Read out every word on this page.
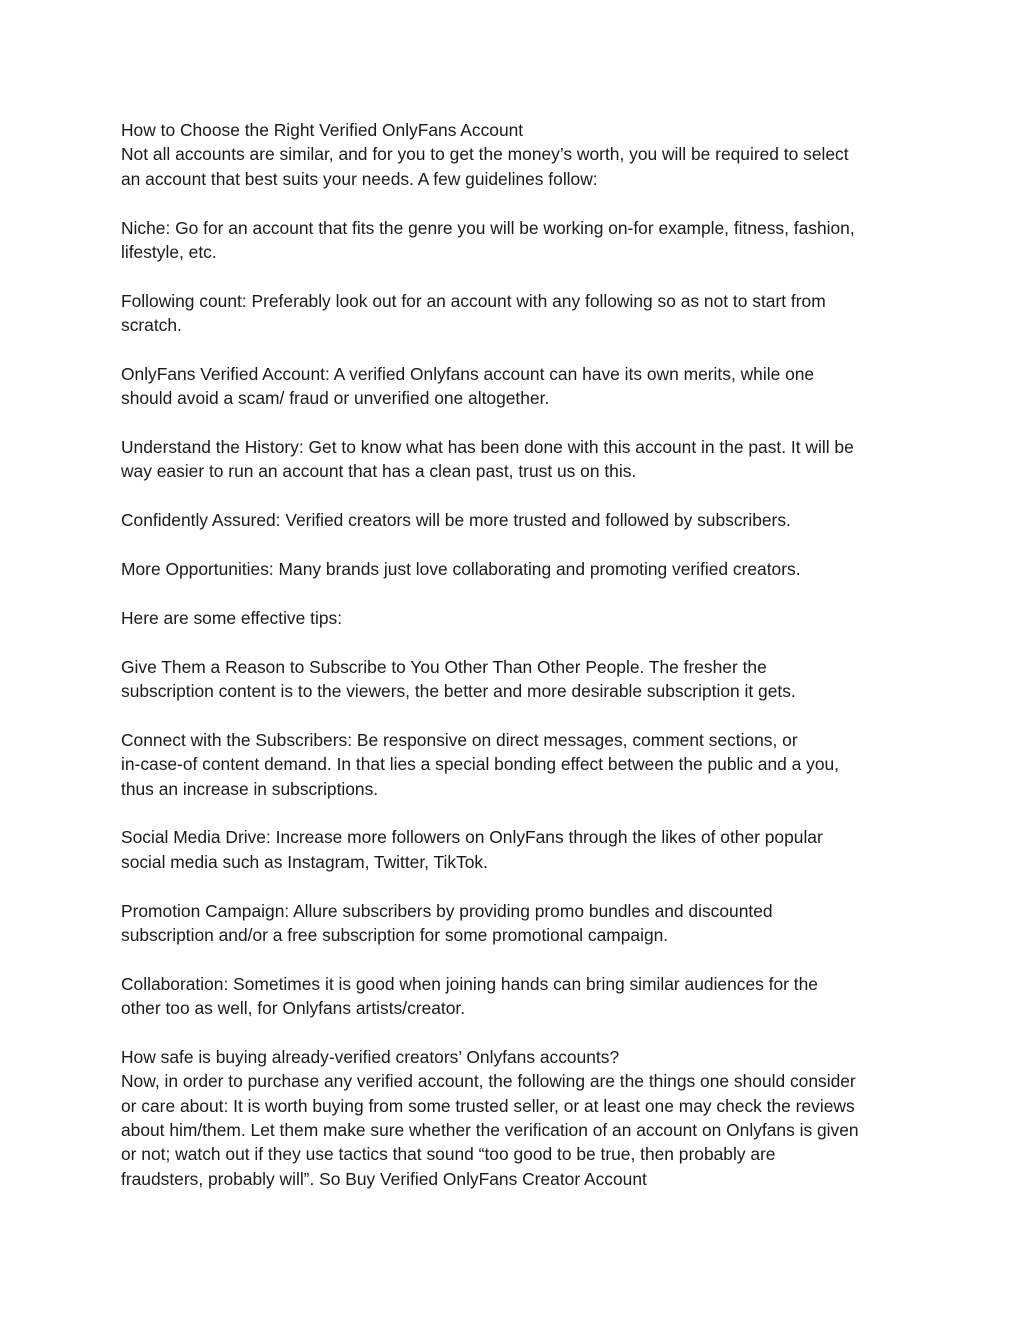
How to Choose the Right Verified OnlyFans Account
Not all accounts are similar, and for you to get the money’s worth, you will be required to select
an account that best suits your needs. A few guidelines follow:
Niche: Go for an account that fits the genre you will be working on-for example, fitness, fashion,
lifestyle, etc.
Following count: Preferably look out for an account with any following so as not to start from
scratch.
OnlyFans Verified Account: A verified Onlyfans account can have its own merits, while one
should avoid a scam/ fraud or unverified one altogether.
Understand the History: Get to know what has been done with this account in the past. It will be
way easier to run an account that has a clean past, trust us on this.
Confidently Assured: Verified creators will be more trusted and followed by subscribers.
More Opportunities: Many brands just love collaborating and promoting verified creators.
Here are some effective tips:
Give Them a Reason to Subscribe to You Other Than Other People. The fresher the
subscription content is to the viewers, the better and more desirable subscription it gets.
Connect with the Subscribers: Be responsive on direct messages, comment sections, or
in-case-of content demand. In that lies a special bonding effect between the public and a you,
thus an increase in subscriptions.
Social Media Drive: Increase more followers on OnlyFans through the likes of other popular
social media such as Instagram, Twitter, TikTok.
Promotion Campaign: Allure subscribers by providing promo bundles and discounted
subscription and/or a free subscription for some promotional campaign.
Collaboration: Sometimes it is good when joining hands can bring similar audiences for the
other too as well, for Onlyfans artists/creator.
How safe is buying already-verified creators’ Onlyfans accounts?
Now, in order to purchase any verified account, the following are the things one should consider
or care about: It is worth buying from some trusted seller, or at least one may check the reviews
about him/them. Let them make sure whether the verification of an account on Onlyfans is given
or not; watch out if they use tactics that sound “too good to be true, then probably are
fraudsters, probably will”. So Buy Verified OnlyFans Creator Account
